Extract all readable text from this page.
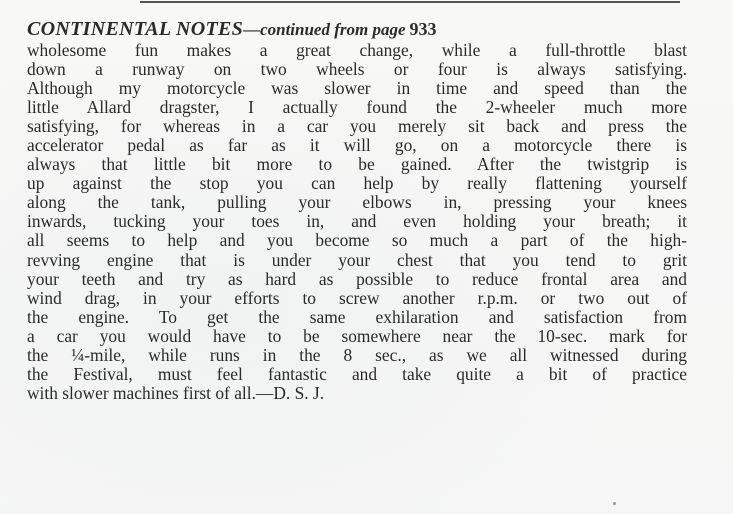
CONTINENTAL NOTES—continued from page 933
wholesome fun makes a great change, while a full-throttle blast
down a runway on two wheels or four is always satisfying.
Although my motorcycle was slower in time and speed than the
little Allard dragster, I actually found the 2-wheeler much more
satisfying, for whereas in a car you merely sit back and press the
accelerator pedal as far as it will go, on a motorcycle there is
always that little bit more to be gained. After the twistgrip is
up against the stop you can help by really flattening yourself
along the tank, pulling your elbows in, pressing your knees
inwards, tucking your toes in, and even holding your breath; it
all seems to help and you become so much a part of the high-
revving engine that is under your chest that you tend to grit
your teeth and try as hard as possible to reduce frontal area and
wind drag, in your efforts to screw another r.p.m. or two out of
the engine. To get the same exhilaration and satisfaction from
a car you would have to be somewhere near the 10-sec. mark for
the ¼-mile, while runs in the 8 sec., as we all witnessed during
the Festival, must feel fantastic and take quite a bit of practice
with slower machines first of all.—D. S. J.
